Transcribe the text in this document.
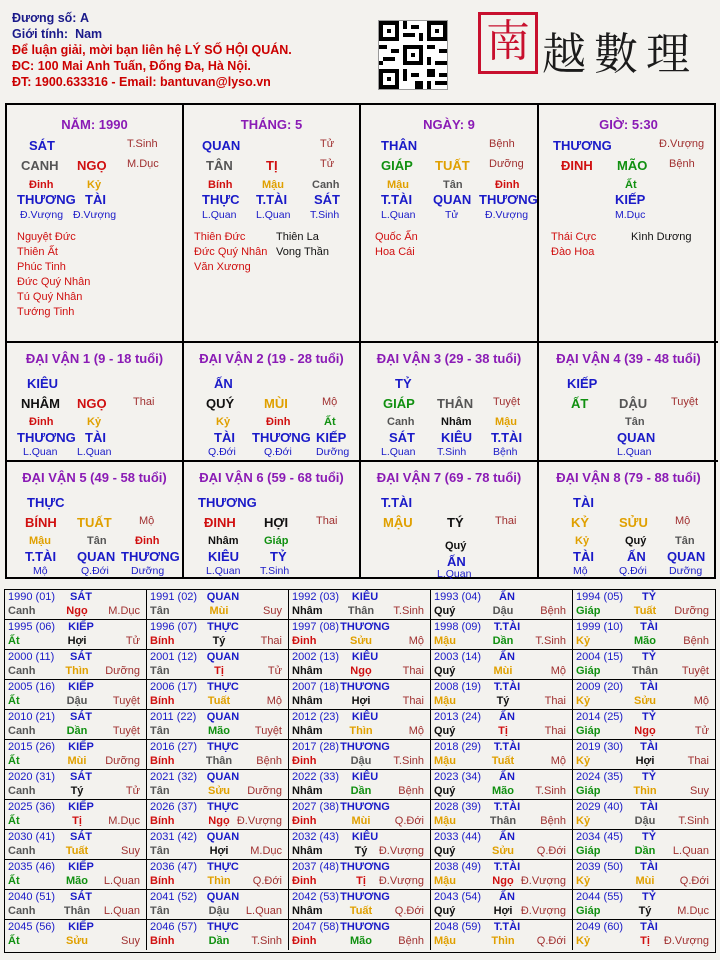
Đương số: A
Giới tính: Nam
Để luận giải, mời bạn liên hệ LÝ SỐ HỘI QUÁN.
ĐC: 100 Mai Anh Tuấn, Đống Đa, Hà Nội.
ĐT: 1900.633316 - Email: bantuvan@lyso.vn
南 越數理
NĂM: 1990
SÁT	T.Sinh
CANH NGỌ M.Dục
Đinh	Kỷ
THƯƠNG TÀI
Đ.Vượng Đ.Vượng
Nguyệt Đức
Thiên Ất
Phúc Tinh
Đức Quý Nhân
Tú Quý Nhân
Tướng Tinh
THÁNG: 5
QUAN	Tử
TÂN	TỊ	Tử
Bính	Mậu	Canh
THỰC T.TÀI SÁT
L.Quan L.Quan T.Sinh
Thiên Đức
Đức Quý Nhân
Văn Xương
Thiên La
Vong Thần
NGÀY: 9
THÂN	Bệnh
GIÁP TUẤT Dưỡng
Mậu	Tân	Đinh
T.TÀI QUAN THƯƠNG
L.Quan	Tử	Đ.Vượng
Quốc Ấn
Hoa Cái
GIỜ: 5:30
THƯƠNG	Đ.Vượng
ĐINH MÃO Bệnh
Ất
KIẾP
M.Dục
Thái Cực
Đào Hoa
Kình Dương
ĐẠI VẬN 1 (9 - 18 tuổi)
KIÊU
NHÂM NGỌ Thai
Đinh	Kỷ
THƯƠNG TÀI
L.Quan L.Quan
ĐẠI VẬN 2 (19 - 28 tuổi)
ẤN
QUÝ MÙI	Mộ
Kỷ	Đinh	Ất
TÀI THƯƠNG KIẾP
Q.Đới	Q.Đới Dưỡng
ĐẠI VẬN 3 (29 - 38 tuổi)
TỶ
GIÁP THÂN Tuyệt
Canh Nhâm Mậu
SÁT KIÊU T.TÀI
L.Quan T.Sinh	Bệnh
ĐẠI VẬN 4 (39 - 48 tuổi)
KIẾP
ẤT DẬU Tuyệt
Tân
QUAN
L.Quan
ĐẠI VẬN 5 (49 - 58 tuổi)
THỰC
BÍNH TUẤT Mộ
Mậu	Tân	Đinh
T.TÀI QUAN THƯƠNG
Mộ	Q.Đới Dưỡng
ĐẠI VẬN 6 (59 - 68 tuổi)
THƯƠNG
ĐINH HỢI	Thai
Nhâm Giáp
KIÊU TỶ
L.Quan T.Sinh
ĐẠI VẬN 7 (69 - 78 tuổi)
T.TÀI
MẬU	TÝ	Thai
Quý
ẤN
L.Quan
ĐẠI VẬN 8 (79 - 88 tuổi)
TÀI
KỶ SỬU Mộ
Kỷ	Quý	Tân
TÀI	ẤN QUAN
Mộ	Q.Đới Dưỡng
1990 (01)
Canh
SÁT
Ngọ M.Dục
1991 (02)
Tân
QUAN
Mùi	Suy
1992 (03)
Nhâm
KIÊU
Thân T.Sinh
1993 (04)
Quý
ẤN
Dậu Bệnh
1994 (05)
Giáp
TỶ
Tuất Dưỡng
1995 (06)
Ất
KIẾP
Hợi	Tử
1996 (07)
Bính
THỰC
Tý	Thai
1997 (08)
Đinh
THƯƠNG
Sửu	Mộ
1998 (09)
Mậu
T.TÀI
Dần T.Sinh
1999 (10)
Kỷ
TÀI
Mão Bệnh
2000 (11)
Canh
SÁT
Thìn Dưỡng
2001 (12)
Tân
QUAN
Tị	Tử
2002 (13)
Nhâm
KIÊU
Ngọ	Thai
2003 (14)
Quý
ẤN
Mùi	Mộ
2004 (15)
Giáp
TỶ
Thân Tuyệt
2005 (16)
Ất
KIẾP
Dậu Tuyệt
2006 (17)
Bính
THỰC
Tuất	Mộ
2007 (18)
Nhâm
THƯƠNG
Hợi	Thai
2008 (19)
Mậu
T.TÀI
Tý	Thai
2009 (20)
Kỷ
TÀI
Sửu	Mộ
2010 (21)
Canh
SÁT
Dần Tuyệt
2011 (22)
Tân
QUAN
Mão Tuyệt
2012 (23)
Nhâm
KIÊU
Thìn	Mộ
2013 (24)
Quý
ẤN
Tị	Thai
2014 (25)
Giáp
TỶ
Ngọ	Tử
2015 (26)
Ất
KIẾP
Mùi Dưỡng
2016 (27)
Bính
THỰC
Thân Bệnh
2017 (28)
Đinh
THƯƠNG
Dậu T.Sinh
2018 (29)
Mậu
T.TÀI
Tuất	Mộ
2019 (30)
Kỷ
TÀI
Hợi	Thai
2020 (31)
Canh
SÁT
Tý	Tử
2021 (32)
Tân
QUAN
Sửu Dưỡng
2022 (33)
Nhâm
KIÊU
Dần Bệnh
2023 (34)
Quý
ẤN
Mão T.Sinh
2024 (35)
Giáp
TỶ
Thìn	Suy
2025 (36)
Ất
KIẾP
Tị M.Dục
2026 (37)
Bính
THỰC
Ngọ Đ.Vượng
2027 (38)
Đinh
THƯƠNG
Mùi Q.Đới
2028 (39)
Mậu
T.TÀI
Thân Bệnh
2029 (40)
Kỷ
TÀI
Dậu T.Sinh
2030 (41)
Canh
SÁT
Tuất	Suy
2031 (42)
Tân
QUAN
Hợi M.Dục
2032 (43)
Nhâm
KIÊU
Tý Đ.Vượng
2033 (44)
Quý
ẤN
Sửu Q.Đới
2034 (45)
Giáp
TỶ
Dần L.Quan
2035 (46)
Ất
KIẾP
Mão L.Quan
2036 (47)
Bính
THỰC
Thìn Q.Đới
2037 (48)
Đinh
THƯƠNG
Tị Đ.Vượng
2038 (49)
Mậu
T.TÀI
Ngọ Đ.Vượng
2039 (50)
Kỷ
TÀI
Mùi Q.Đới
2040 (51)
Canh
SÁT
Thân L.Quan
2041 (52)
Tân
QUAN
Dậu L.Quan
2042 (53)
Nhâm
THƯƠNG
Tuất Q.Đới
2043 (54)
Quý
ẤN
Hợi Đ.Vượng
2044 (55)
Giáp
TỶ
Tý M.Dục
2045 (56)
Ất
KIẾP
Sửu	Suy
2046 (57)
Bính
THỰC
Dần T.Sinh
2047 (58)
Đinh
THƯƠNG
Mão Bệnh
2048 (59)
Mậu
T.TÀI
Thìn Q.Đới
2049 (60)
Kỷ
TÀI
Tị Đ.Vượng
